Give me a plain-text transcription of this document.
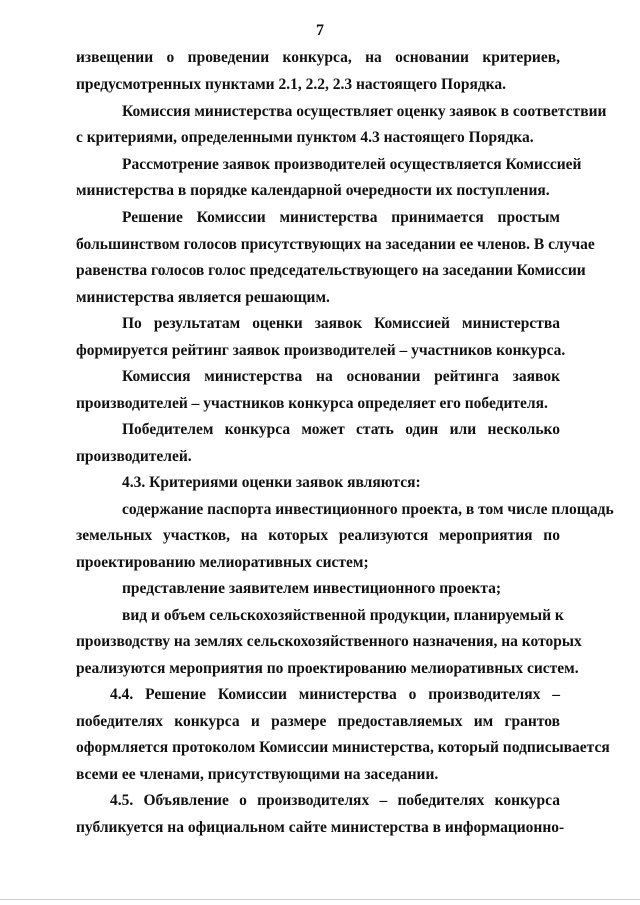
7
извещении о проведении конкурса, на основании критериев,
предусмотренных пунктами 2.1, 2.2, 2.3 настоящего Порядка.
Комиссия министерства осуществляет оценку заявок в соответствии
с критериями, определенными пунктом 4.3 настоящего Порядка.
Рассмотрение заявок производителей осуществляется Комиссией
министерства в порядке календарной очередности их поступления.
Решение Комиссии министерства принимается простым
большинством голосов присутствующих на заседании ее членов. В случае
равенства голосов голос председательствующего на заседании Комиссии
министерства является решающим.
По результатам оценки заявок Комиссией министерства
формируется рейтинг заявок производителей – участников конкурса.
Комиссия министерства на основании рейтинга заявок
производителей – участников конкурса определяет его победителя.
Победителем конкурса может стать один или несколько
производителей.
4.3. Критериями оценки заявок являются:
содержание паспорта инвестиционного проекта, в том числе площадь
земельных участков, на которых реализуются мероприятия по
проектированию мелиоративных систем;
представление заявителем инвестиционного проекта;
вид и объем сельскохозяйственной продукции, планируемый к
производству на землях сельскохозяйственного назначения, на которых
реализуются мероприятия по проектированию мелиоративных систем.
4.4. Решение Комиссии министерства о производителях –
победителях конкурса и размере предоставляемых им грантов
оформляется протоколом Комиссии министерства, который подписывается
всеми ее членами, присутствующими на заседании.
4.5. Объявление о производителях – победителях конкурса
публикуется на официальном сайте министерства в информационно-
